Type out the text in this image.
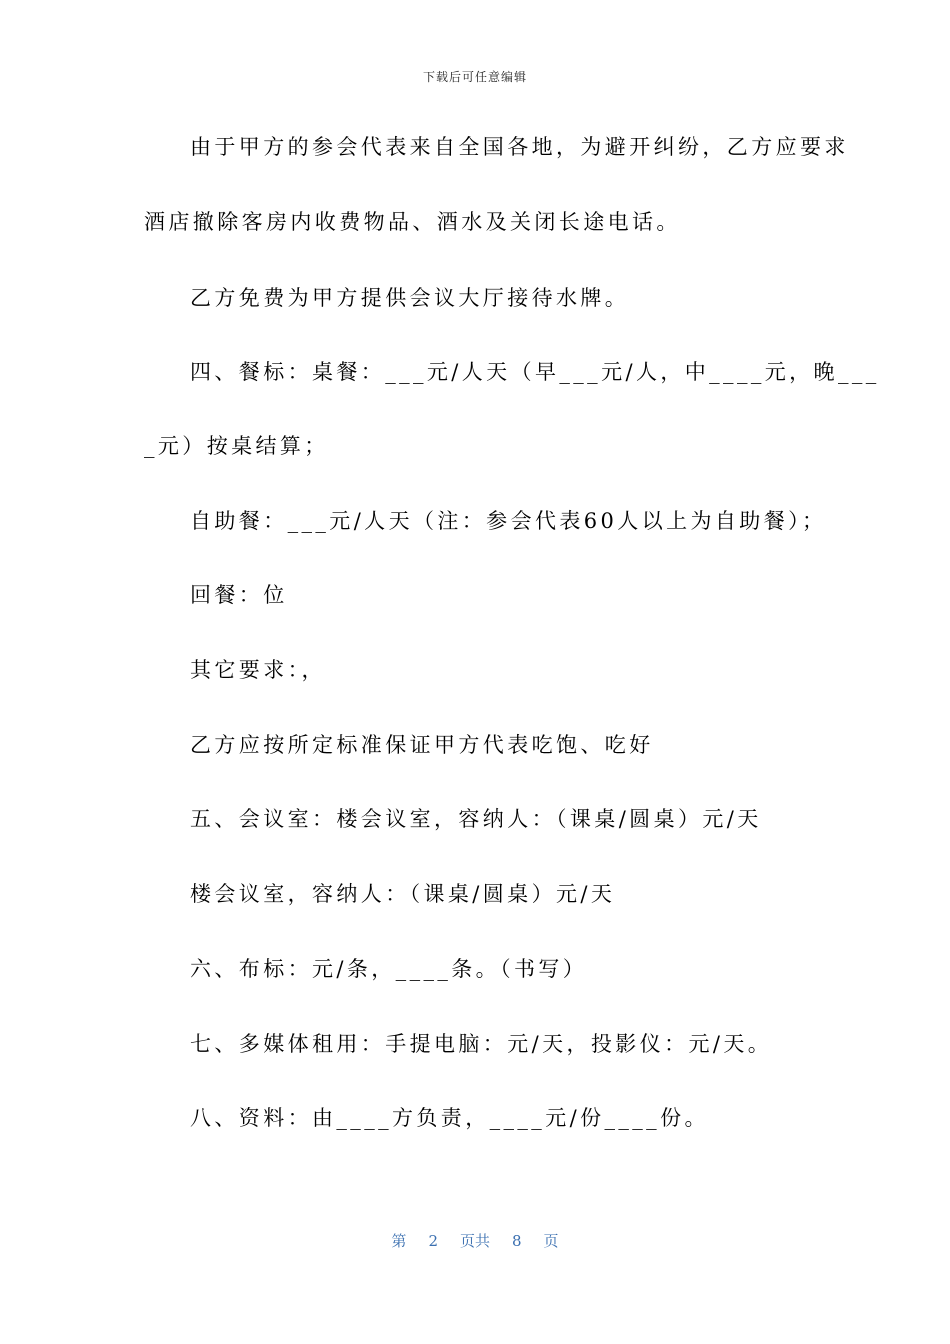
下载后可任意编辑
由于甲方的参会代表来自全国各地，为避开纠纷，乙方应要求
酒店撤除客房内收费物品、酒水及关闭长途电话。
乙方免费为甲方提供会议大厅接待水牌。
四、餐标：桌餐：___元/人天（早___元/人，中____元，晚___
_元）按桌结算；
自助餐：___元/人天（注：参会代表60人以上为自助餐）；
回餐：位
其它要求：，
乙方应按所定标准保证甲方代表吃饱、吃好
五、会议室：楼会议室，容纳人：（课桌/圆桌）元/天
楼会议室，容纳人：（课桌/圆桌）元/天
六、布标：元/条，____条。（书写）
七、多媒体租用：手提电脑：元/天，投影仪：元/天。
八、资料：由____方负责，____元/份____份。
第 2 页共 8 页
